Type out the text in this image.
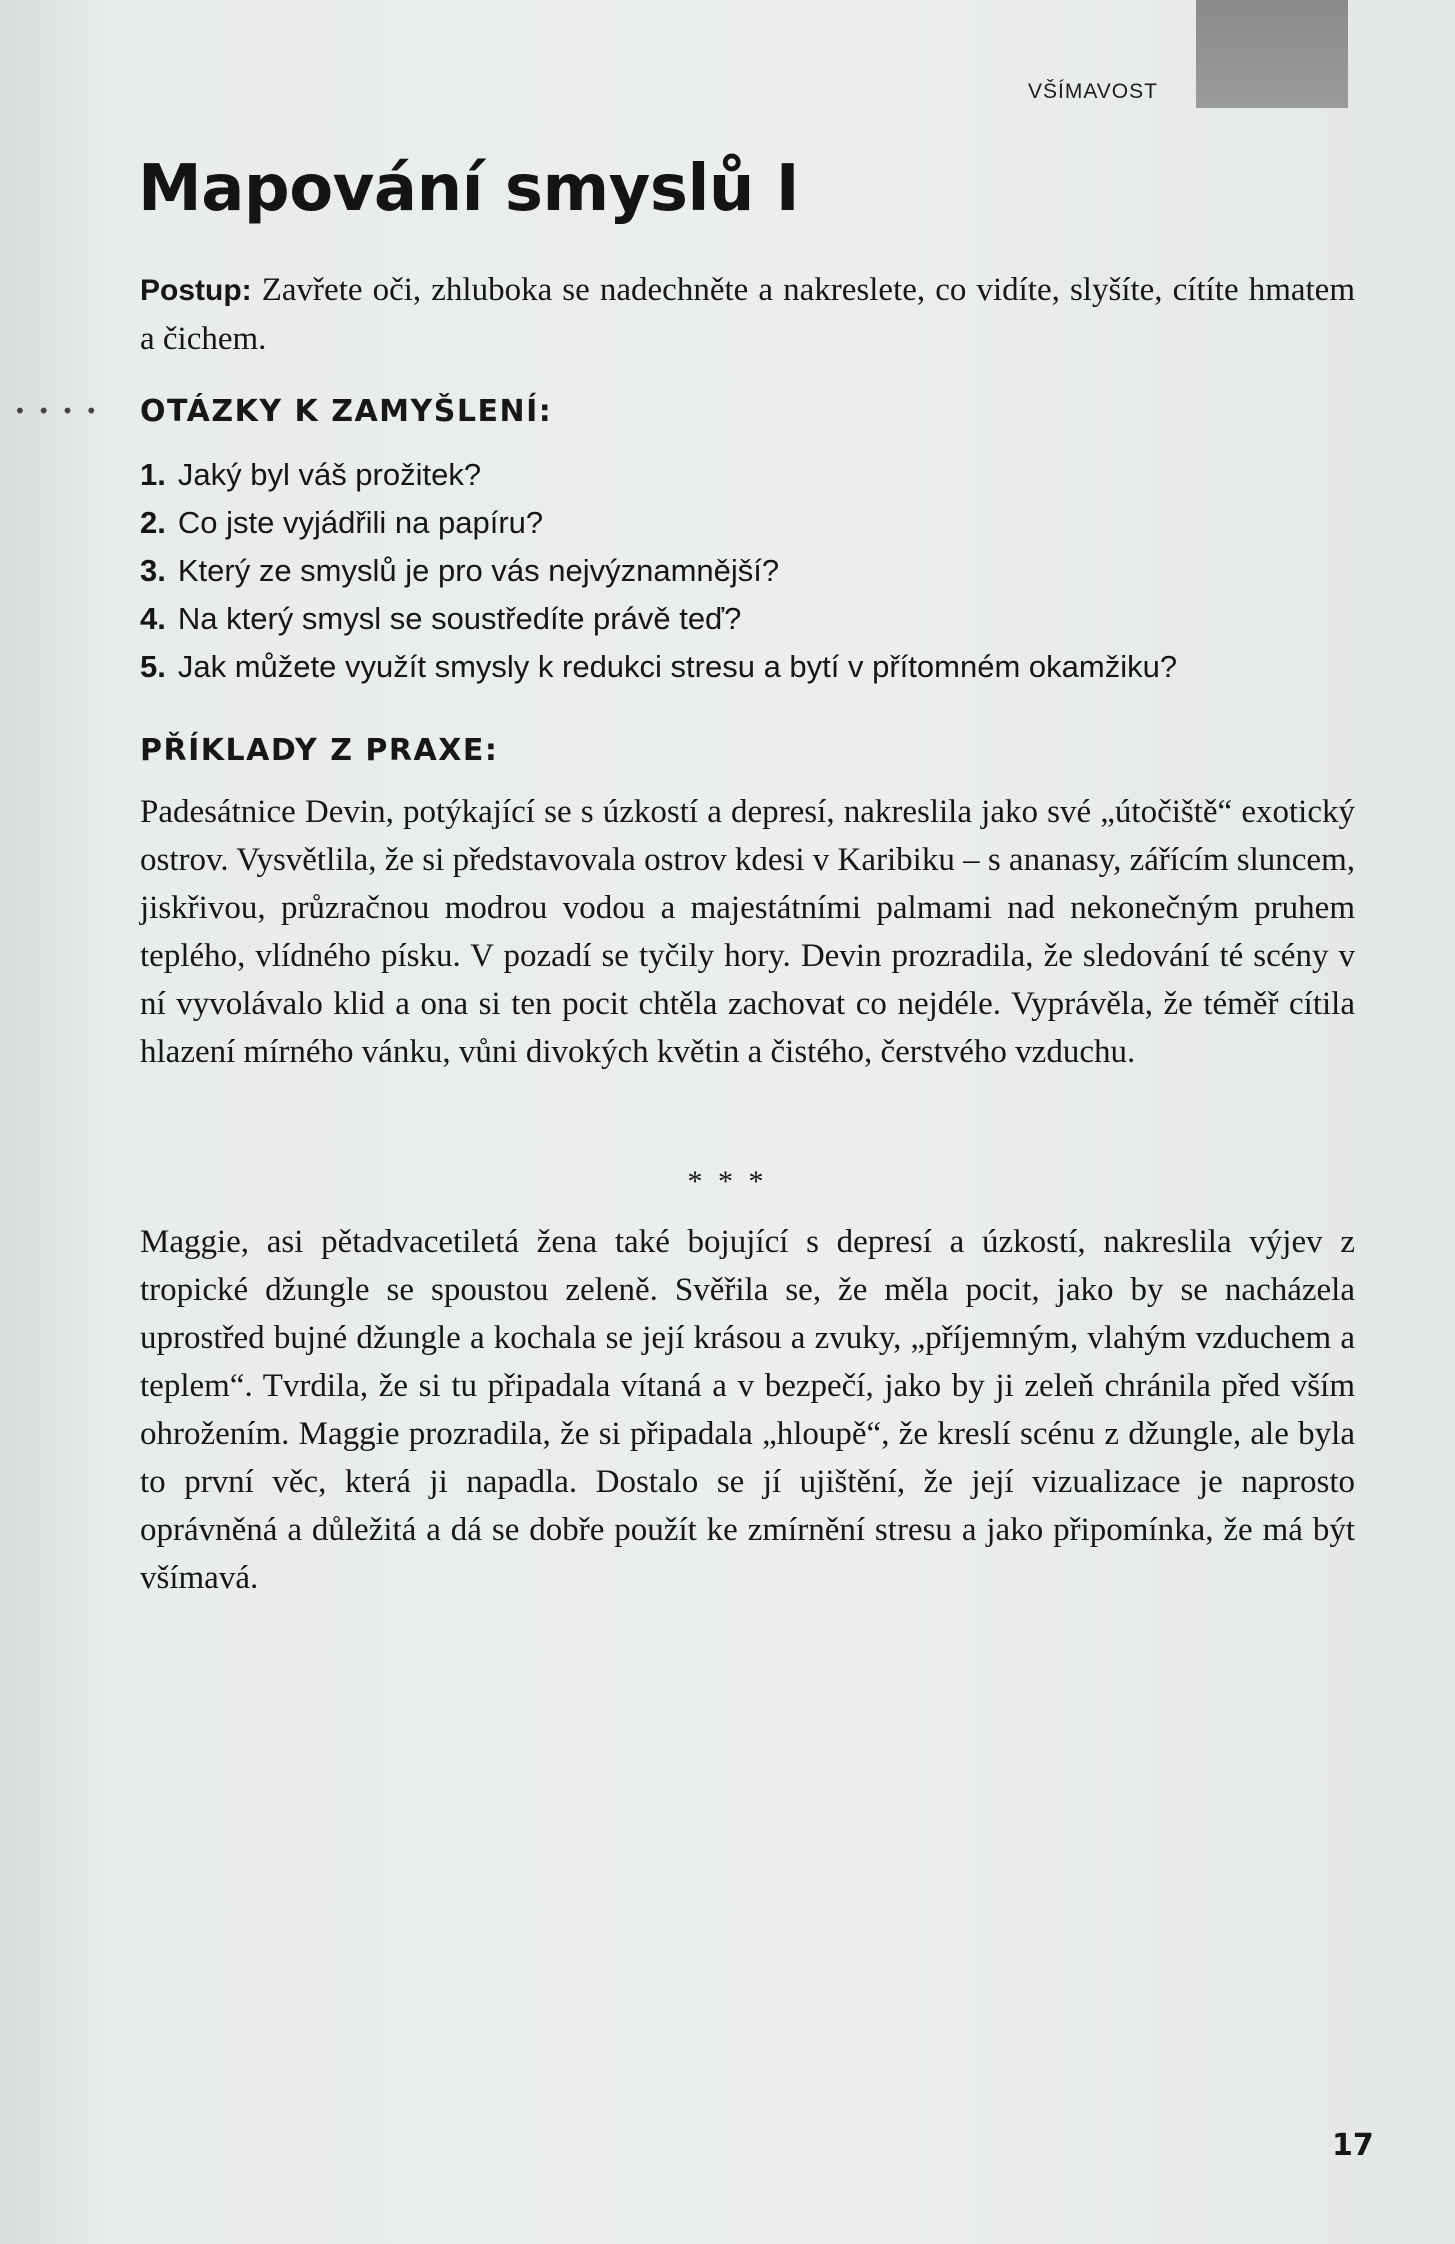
VŠÍMAVOST
Mapování smyslů I
Postup: Zavřete oči, zhluboka se nadechněte a nakreslete, co vidíte, slyšíte, cítíte hmatem a čichem.
•••• OTÁZKY K ZAMYŠLENÍ:
1. Jaký byl váš prožitek?
2. Co jste vyjádřili na papíru?
3. Který ze smyslů je pro vás nejvýznamnější?
4. Na který smysl se soustředíte právě teď?
5. Jak můžete využít smysly k redukci stresu a bytí v přítomném okamžiku?
PŘÍKLADY Z PRAXE:

Padesátnice Devin, potýkající se s úzkostí a depresí, nakreslila jako své „útočiště“ exotický ostrov. Vysvětlila, že si představovala ostrov kdesi v Karibiku – s ananasy, zářícím sluncem, jiskřivou, průzračnou modrou vodou a majestátními palmami nad nekonečným pruhem teplého, vlídného písku. V pozadí se tyčily hory. Devin prozradila, že sledování té scény v ní vyvolávalo klid a ona si ten pocit chtěla zachovat co nejdéle. Vyprávěla, že téměř cítila hlazení mírného vánku, vůni divokých květin a čistého, čerstvého vzduchu.

* * *

Maggie, asi pětadvacetiletá žena také bojující s depresí a úzkostí, nakreslila výjev z tropické džungle se spoustou zeleně. Svěřila se, že měla pocit, jako by se nacházela uprostřed bujné džungle a kochala se její krásou a zvuky, „příjemným, vlahým vzduchem a teplem“. Tvrdila, že si tu připadala vítaná a v bezpečí, jako by ji zeleň chránila před vším ohrožením. Maggie prozradila, že si připadala „hloupě“, že kreslí scénu z džungle, ale byla to první věc, která ji napadla. Dostalo se jí ujištění, že její vizualizace je naprosto oprávněná a důležitá a dá se dobře použít ke zmírnění stresu a jako připomínka, že má být všímavá.

17
